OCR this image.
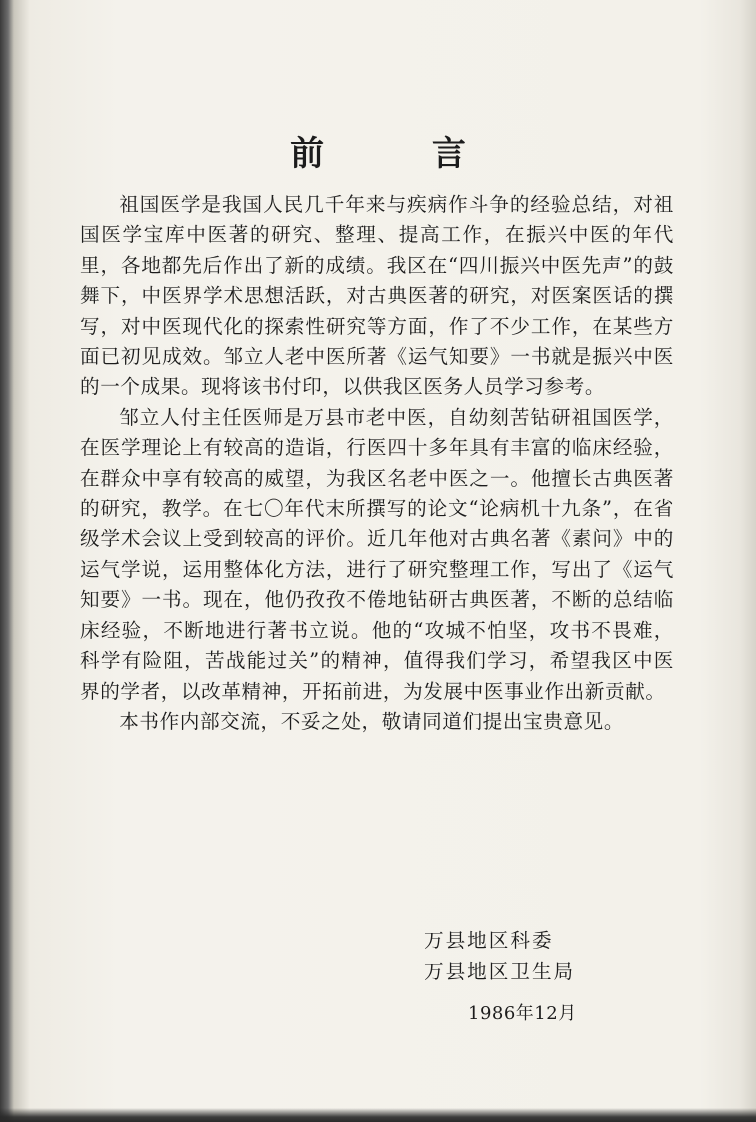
前 言

祖国医学是我国人民几千年来与疾病作斗争的经验总结，对祖国医学宝库中医著的研究、整理、提高工作，在振兴中医的年代里，各地都先后作出了新的成绩。我区在“四川振兴中医先声”的鼓舞下，中医界学术思想活跃，对古典医著的研究，对医案医话的撰写，对中医现代化的探索性研究等方面，作了不少工作，在某些方面已初见成效。邹立人老中医所著《运气知要》一书就是振兴中医的一个成果。现将该书付印，以供我区医务人员学习参考。

邹立人付主任医师是万县市老中医，自幼刻苦钻研祖国医学，在医学理论上有较高的造诣，行医四十多年具有丰富的临床经验，在群众中享有较高的威望，为我区名老中医之一。他擅长古典医著的研究，教学。在七〇年代末所撰写的论文“论病机十九条”，在省级学术会议上受到较高的评价。近几年他对古典名著《素问》中的运气学说，运用整体化方法，进行了研究整理工作，写出了《运气知要》一书。现在，他仍孜孜不倦地钻研古典医著，不断的总结临床经验，不断地进行著书立说。他的“攻城不怕坚，攻书不畏难，科学有险阻，苦战能过关”的精神，值得我们学习，希望我区中医界的学者，以改革精神，开拓前进，为发展中医事业作出新贡献。

本书作内部交流，不妥之处，敬请同道们提出宝贵意见。

万县地区科委
万县地区卫生局
1986年12月
